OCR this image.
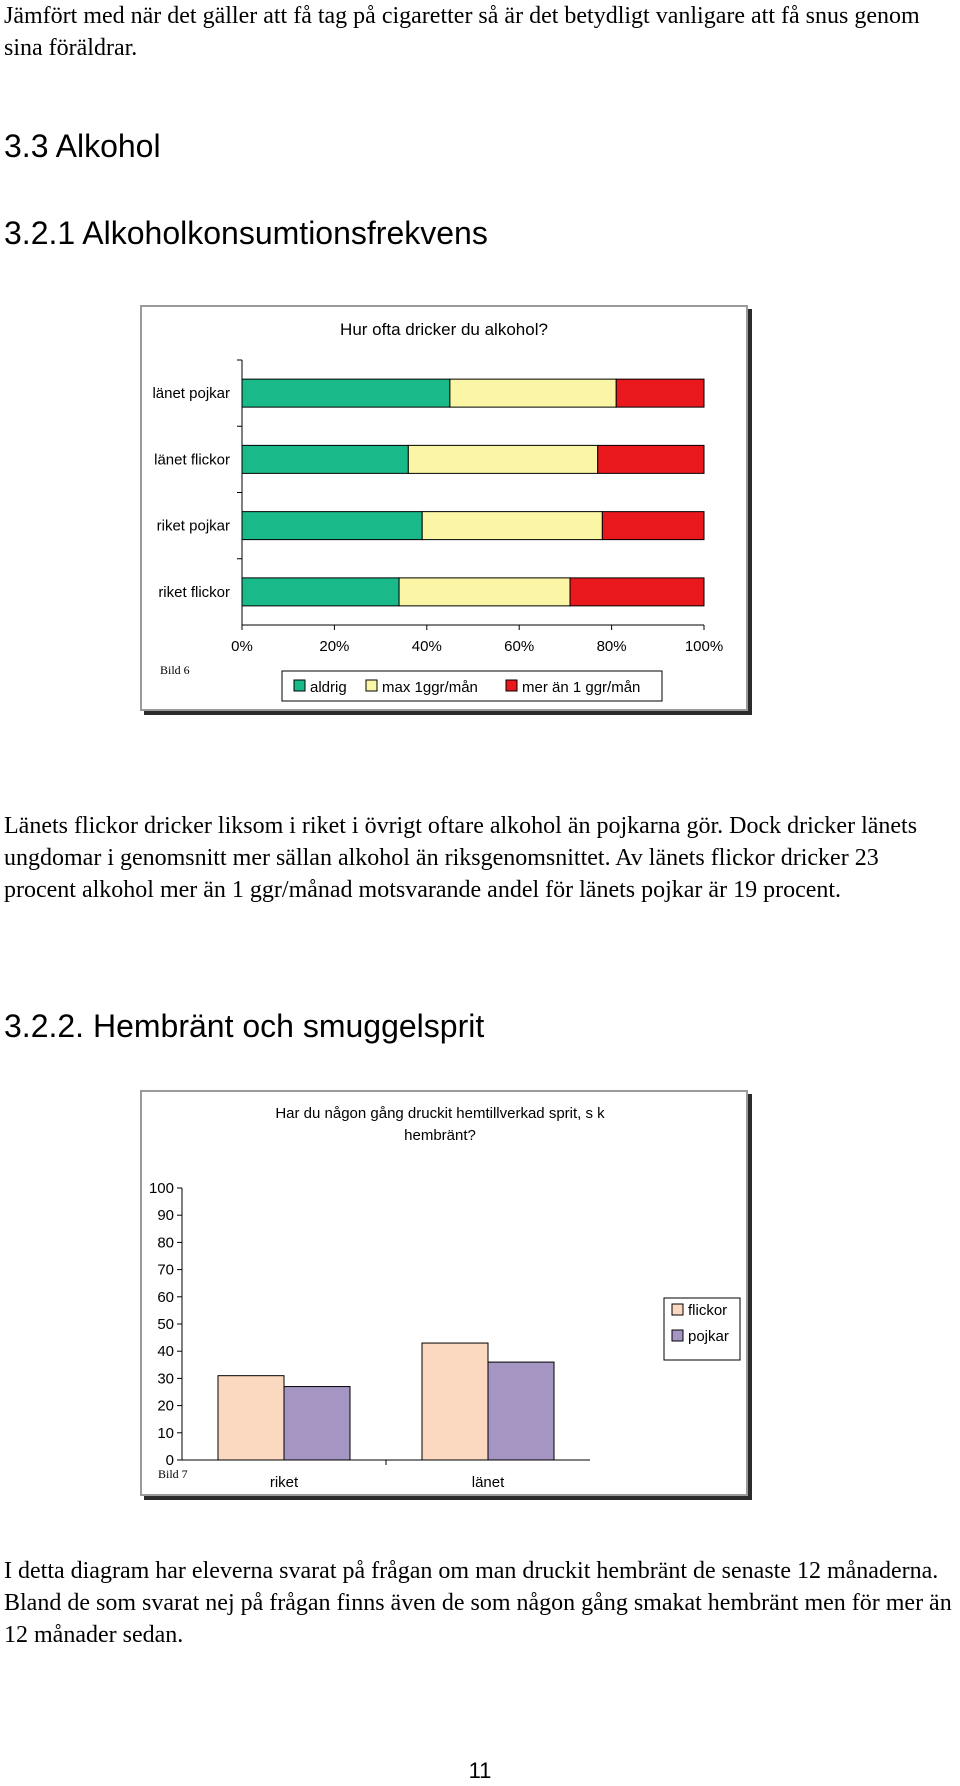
Jämfört med när det gäller att få tag på cigaretter så är det betydligt vanligare att få snus genom sina föräldrar.
3.3 Alkohol
3.2.1 Alkoholkonsumtionsfrekvens
Hur ofta dricker du alkohol?
0%	20%	40%	60%	80%	100%
länet pojkar
länet flickor
riket pojkar
riket flickor
aldrig max 1ggr/mån	mer än 1 ggr/mån
Bild 6
Länets flickor dricker liksom i riket i övrigt oftare alkohol än pojkarna gör. Dock dricker länets ungdomar i genomsnitt mer sällan alkohol än riksgenomsnittet. Av länets flickor dricker 23 procent alkohol mer än 1 ggr/månad motsvarande andel för länets pojkar är 19 procent.
3.2.2. Hembränt och smuggelsprit
Har du någon gång druckit hemtillverkad sprit, s k hembränt?
0
10
20
30
40
50
60
70
80
90
100
riket	länet
flickor
pojkar
Bild 7
I detta diagram har eleverna svarat på frågan om man druckit hembränt de senaste 12 månaderna. Bland de som svarat nej på frågan finns även de som någon gång smakat hembränt men för mer än 12 månader sedan.
11
